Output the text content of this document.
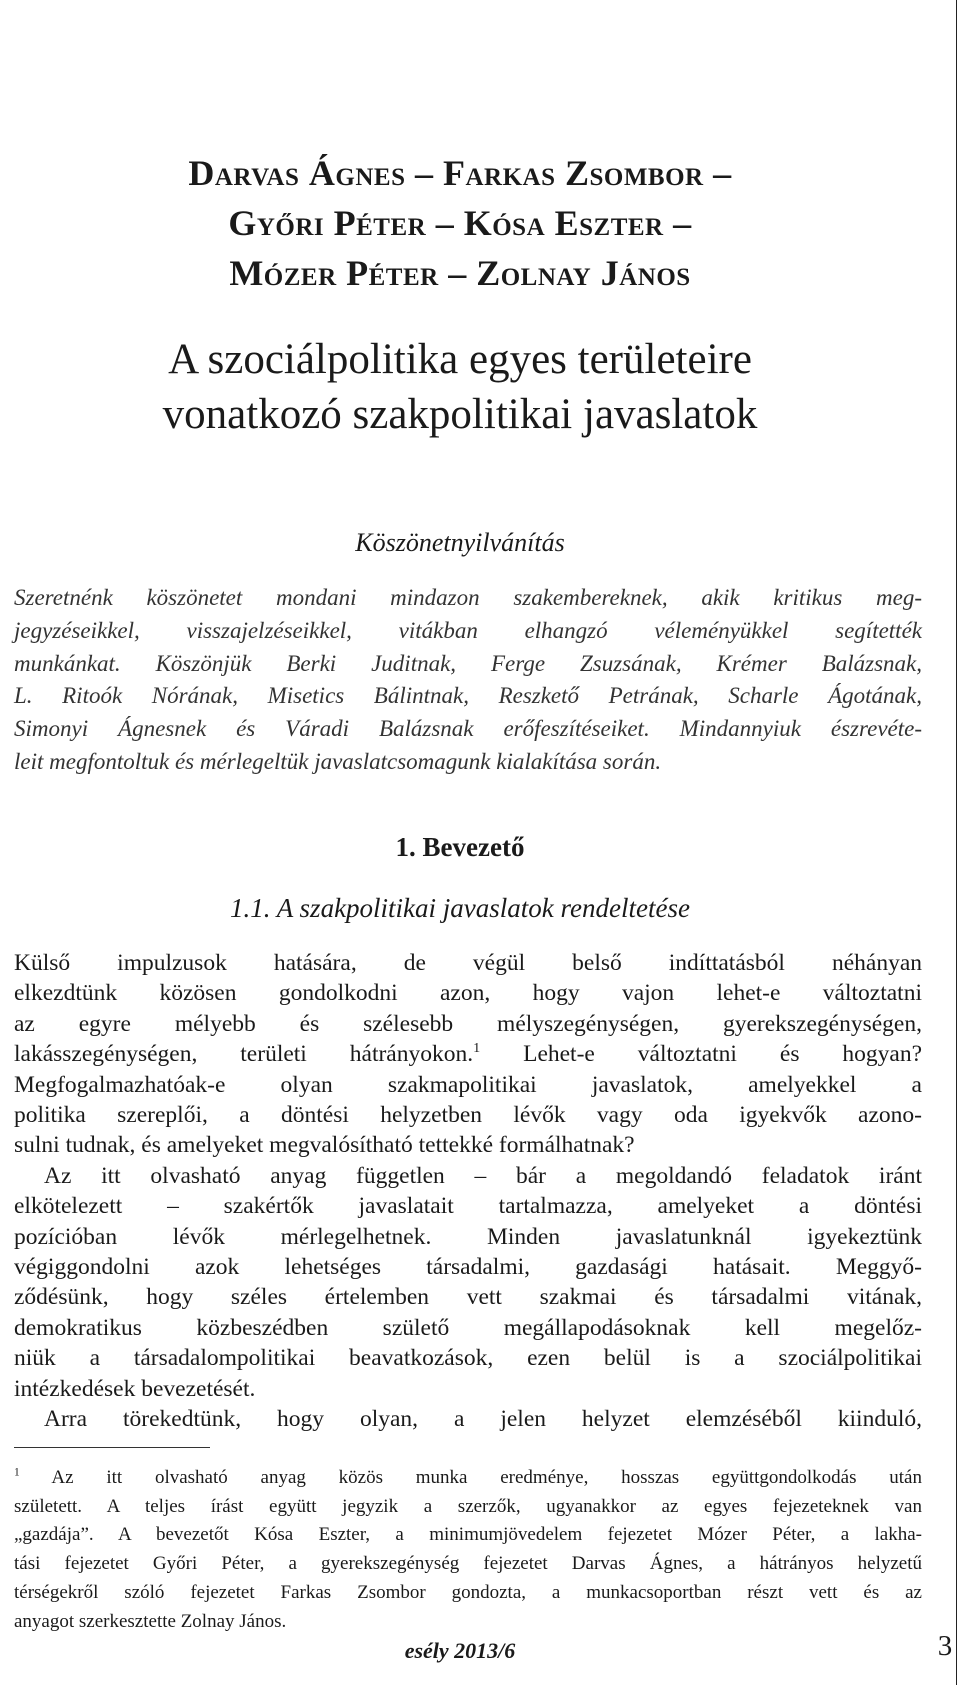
Darvas Ágnes – Farkas Zsombor –
Győri Péter – Kósa Eszter –
Mózer Péter – Zolnay János
A szociálpolitika egyes területeire
vonatkozó szakpolitikai javaslatok
Köszönetnyilvánítás
Szeretnénk köszönetet mondani mindazon szakembereknek, akik kritikus meg-
jegyzéseikkel, visszajelzéseikkel, vitákban elhangzó véleményükkel segítették
munkánkat. Köszönjük Berki Juditnak, Ferge Zsuzsának, Krémer Balázsnak,
L. Ritoók Nórának, Misetics Bálintnak, Reszkető Petrának, Scharle Ágotának,
Simonyi Ágnesnek és Váradi Balázsnak erőfeszítéseiket. Mindannyiuk észrevéte-
leit megfontoltuk és mérlegeltük javaslatcsomagunk kialakítása során.
1. Bevezető
1.1. A szakpolitikai javaslatok rendeltetése
Külső impulzusok hatására, de végül belső indíttatásból néhányan
elkezdtünk közösen gondolkodni azon, hogy vajon lehet-e változtatni
az egyre mélyebb és szélesebb mélyszegénységen, gyerekszegénységen,
lakásszegénységen, területi hátrányokon.$^1$ Lehet-e változtatni és hogyan?
Megfogalmazhatóak-e olyan szakmapolitikai javaslatok, amelyekkel a
politika szereplői, a döntési helyzetben lévők vagy oda igyekvők azono-
sulni tudnak, és amelyeket megvalósítható tettekké formálhatnak?
Az itt olvasható anyag független – bár a megoldandó feladatok iránt
elkötelezett – szakértők javaslatait tartalmazza, amelyeket a döntési
pozícióban lévők mérlegelhetnek. Minden javaslatunknál igyekeztünk
végiggondolni azok lehetséges társadalmi, gazdasági hatásait. Meggyő-
ződésünk, hogy széles értelemben vett szakmai és társadalmi vitának,
demokratikus közbeszédben születő megállapodásoknak kell megelőz-
niük a társadalompolitikai beavatkozások, ezen belül is a szociálpolitikai
intézkedések bevezetését.
Arra törekedtünk, hogy olyan, a jelen helyzet elemzéséből kiinduló,
$^1$ Az itt olvasható anyag közös munka eredménye, hosszas együttgondolkodás után
született. A teljes írást együtt jegyzik a szerzők, ugyanakkor az egyes fejezeteknek van
„gazdája”. A bevezetőt Kósa Eszter, a minimumjövedelem fejezetet Mózer Péter, a lakha-
tási fejezetet Győri Péter, a gyerekszegénység fejezetet Darvas Ágnes, a hátrányos helyzetű
térségekről szóló fejezetet Farkas Zsombor gondozta, a munkacsoportban részt vett és az
anyagot szerkesztette Zolnay János.
esély 2013/6	3
